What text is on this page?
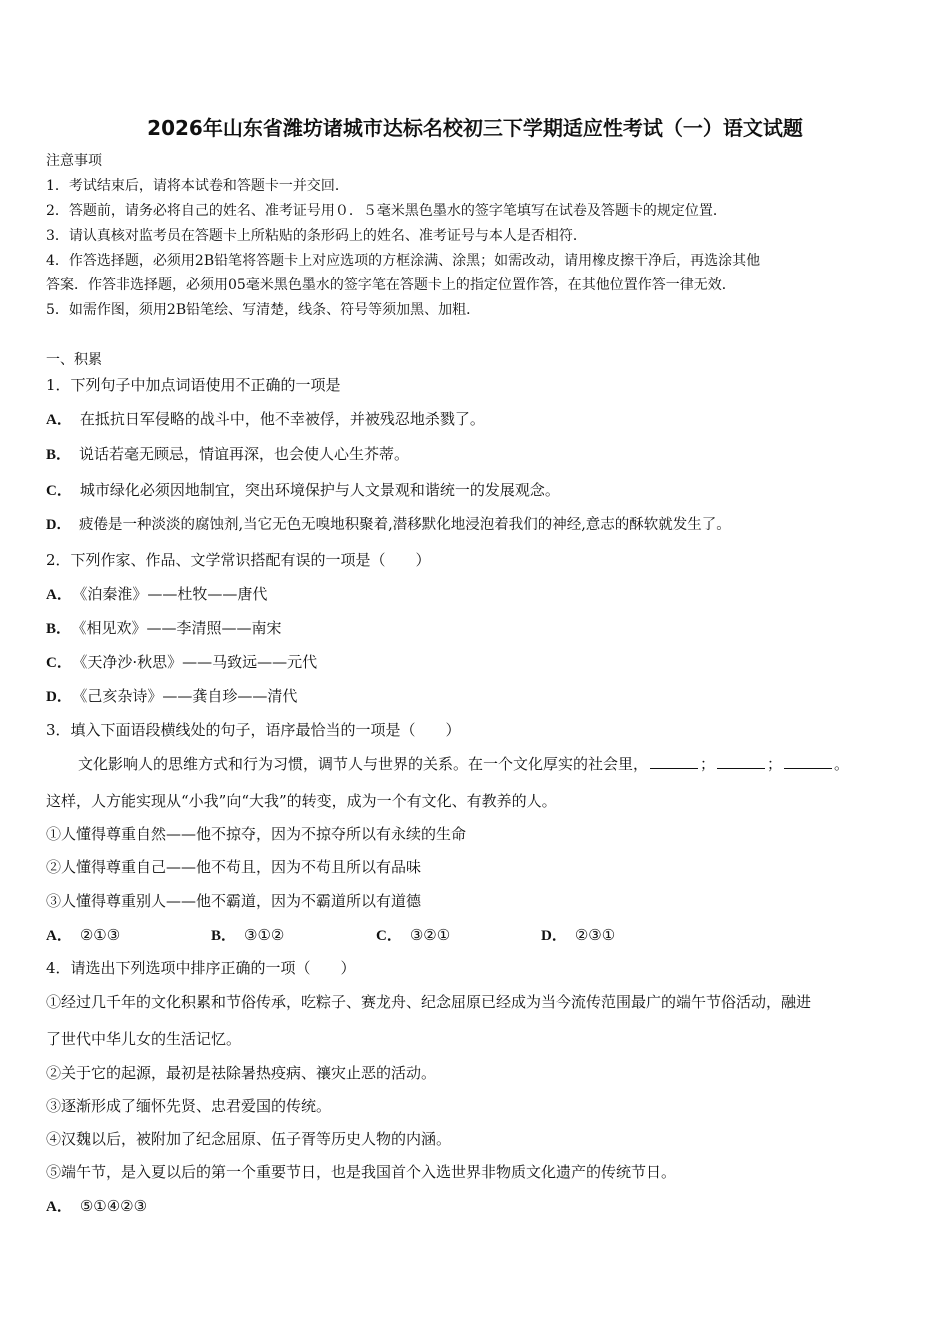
2026年山东省潍坊诸城市达标名校初三下学期适应性考试（一）语文试题
注意事项
1．考试结束后，请将本试卷和答题卡一并交回．
2．答题前，请务必将自己的姓名、准考证号用０．５毫米黑色墨水的签字笔填写在试卷及答题卡的规定位置．
3．请认真核对监考员在答题卡上所粘贴的条形码上的姓名、准考证号与本人是否相符．
4．作答选择题，必须用2B铅笔将答题卡上对应选项的方框涂满、涂黑；如需改动，请用橡皮擦干净后，再选涂其他
答案．作答非选择题，必须用05毫米黑色墨水的签字笔在答题卡上的指定位置作答，在其他位置作答一律无效．
5．如需作图，须用2B铅笔绘、写清楚，线条、符号等须加黑、加粗．
一、积累
1．下列句子中加点词语使用不正确的一项是
A． 在抵抗日军侵略的战斗中，他不幸被俘，并被残忍地杀戮了。
B． 说话若毫无顾忌，情谊再深，也会使人心生芥蒂。
C． 城市绿化必须因地制宜，突出环境保护与人文景观和谐统一的发展观念。
D． 疲倦是一种淡淡的腐蚀剂,当它无色无嗅地积聚着,潜移默化地浸泡着我们的神经,意志的酥软就发生了。
2．下列作家、作品、文学常识搭配有误的一项是（　　）
A． 《泊秦淮》——杜牧——唐代
B． 《相见欢》——李清照——南宋
C． 《天净沙·秋思》——马致远——元代
D． 《己亥杂诗》——龚自珍——清代
3．填入下面语段横线处的句子，语序最恰当的一项是（　　）
文化影响人的思维方式和行为习惯，调节人与世界的关系。在一个文化厚实的社会里，	；	；	。
这样，人方能实现从“小我”向“大我”的转变，成为一个有文化、有教养的人。
①人懂得尊重自然——他不掠夺，因为不掠夺所以有永续的生命
②人懂得尊重自己——他不苟且，因为不苟且所以有品味
③人懂得尊重别人——他不霸道，因为不霸道所以有道德
A． ②①③	B． ③①②	C． ③②①	D． ②③①
4．请选出下列选项中排序正确的一项（　　）
①经过几千年的文化积累和节俗传承，吃粽子、赛龙舟、纪念屈原已经成为当今流传范围最广的端午节俗活动，融进
了世代中华儿女的生活记忆。
②关于它的起源，最初是祛除暑热疫病、禳灾止恶的活动。
③逐渐形成了缅怀先贤、忠君爱国的传统。
④汉魏以后，被附加了纪念屈原、伍子胥等历史人物的内涵。
⑤端午节，是入夏以后的第一个重要节日，也是我国首个入选世界非物质文化遗产的传统节日。
A． ⑤①④②③
